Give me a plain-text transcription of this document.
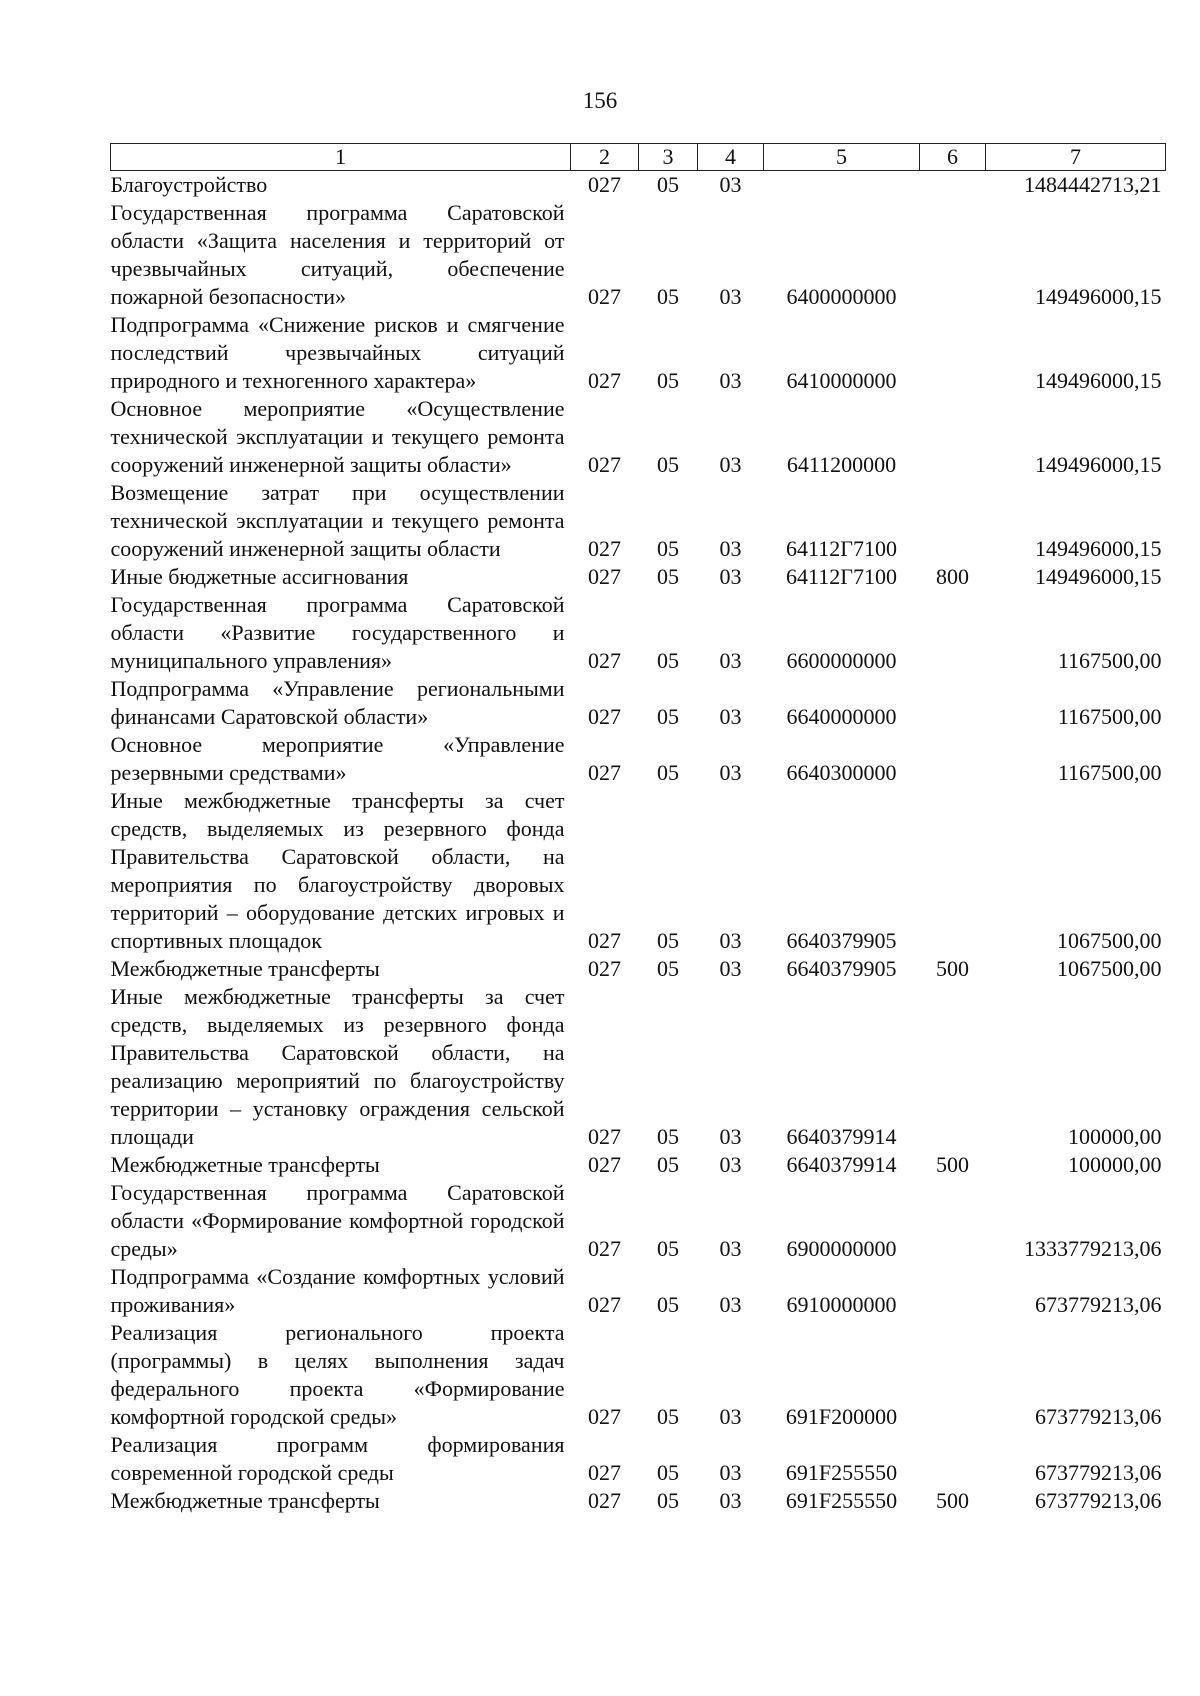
156
1	2	3	4	5	6	7
Благоустройство	027	05	03			1484442713,21
Государственная программа Саратовской области «Защита населения и территорий от чрезвычайных ситуаций, обеспечение пожарной безопасности»	027	05	03	6400000000		149496000,15
Подпрограмма «Снижение рисков и смягчение последствий чрезвычайных ситуаций природного и техногенного характера»	027	05	03	6410000000		149496000,15
Основное мероприятие «Осуществление технической эксплуатации и текущего ремонта сооружений инженерной защиты области»	027	05	03	6411200000		149496000,15
Возмещение затрат при осуществлении технической эксплуатации и текущего ремонта сооружений инженерной защиты области	027	05	03	64112Г7100		149496000,15
Иные бюджетные ассигнования	027	05	03	64112Г7100	800	149496000,15
Государственная программа Саратовской области «Развитие государственного и муниципального управления»	027	05	03	6600000000		1167500,00
Подпрограмма «Управление региональными финансами Саратовской области»	027	05	03	6640000000		1167500,00
Основное мероприятие «Управление резервными средствами»	027	05	03	6640300000		1167500,00
Иные межбюджетные трансферты за счет средств, выделяемых из резервного фонда Правительства Саратовской области, на мероприятия по благоустройству дворовых территорий – оборудование детских игровых и спортивных площадок	027	05	03	6640379905		1067500,00
Межбюджетные трансферты	027	05	03	6640379905	500	1067500,00
Иные межбюджетные трансферты за счет средств, выделяемых из резервного фонда Правительства Саратовской области, на реализацию мероприятий по благоустройству территории – установку ограждения сельской площади	027	05	03	6640379914		100000,00
Межбюджетные трансферты	027	05	03	6640379914	500	100000,00
Государственная программа Саратовской области «Формирование комфортной городской среды»	027	05	03	6900000000		1333779213,06
Подпрограмма «Создание комфортных условий проживания»	027	05	03	6910000000		673779213,06
Реализация регионального проекта (программы) в целях выполнения задач федерального проекта «Формирование комфортной городской среды»	027	05	03	691F200000		673779213,06
Реализация программ формирования современной городской среды	027	05	03	691F255550		673779213,06
Межбюджетные трансферты	027	05	03	691F255550	500	673779213,06
